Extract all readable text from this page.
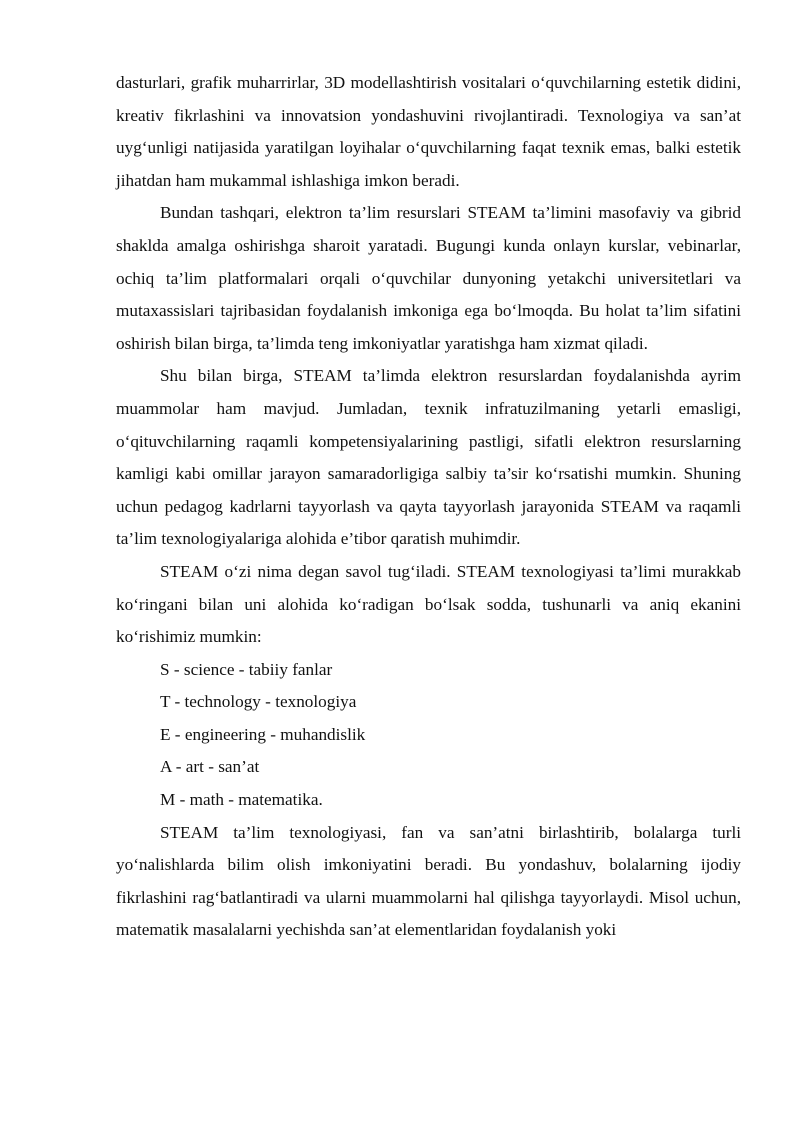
dasturlari, grafik muharrirlar, 3D modellashtirish vositalari o‘quvchilarning estetik didini, kreativ fikrlashini va innovatsion yondashuvini rivojlantiradi. Texnologiya va san’at uyg‘unligi natijasida yaratilgan loyihalar o‘quvchilarning faqat texnik emas, balki estetik jihatdan ham mukammal ishlashiga imkon beradi.

Bundan tashqari, elektron ta’lim resurslari STEAM ta’limini masofaviy va gibrid shaklda amalga oshirishga sharoit yaratadi. Bugungi kunda onlayn kurslar, vebinarlar, ochiq ta’lim platformalari orqali o‘quvchilar dunyoning yetakchi universitetlari va mutaxassislari tajribasidan foydalanish imkoniga ega bo‘lmoqda. Bu holat ta’lim sifatini oshirish bilan birga, ta’limda teng imkoniyatlar yaratishga ham xizmat qiladi.

Shu bilan birga, STEAM ta’limda elektron resurslardan foydalanishda ayrim muammolar ham mavjud. Jumladan, texnik infratuzilmaning yetarli emasligi, o‘qituvchilarning raqamli kompetensiyalarining pastligi, sifatli elektron resurslarning kamligi kabi omillar jarayon samaradorligiga salbiy ta’sir ko‘rsatishi mumkin. Shuning uchun pedagog kadrlarni tayyorlash va qayta tayyorlash jarayonida STEAM va raqamli ta’lim texnologiyalariga alohida e’tibor qaratish muhimdir.

STEAM o‘zi nima degan savol tug‘iladi. STEAM texnologiyasi ta’limi murakkab ko‘ringani bilan uni alohida ko‘radigan bo‘lsak sodda, tushunarli va aniq ekanini ko‘rishimiz mumkin:

S - science - tabiiy fanlar

T - technology - texnologiya

E - engineering - muhandislik

A - art - san’at

M - math - matematika.

STEAM ta’lim texnologiyasi, fan va san’atni birlashtirib, bolalarga turli yo‘nalishlarda bilim olish imkoniyatini beradi. Bu yondashuv, bolalarning ijodiy fikrlashini rag‘batlantiradi va ularni muammolarni hal qilishga tayyorlaydi. Misol uchun, matematik masalalarni yechishda san’at elementlaridan foydalanish yoki
